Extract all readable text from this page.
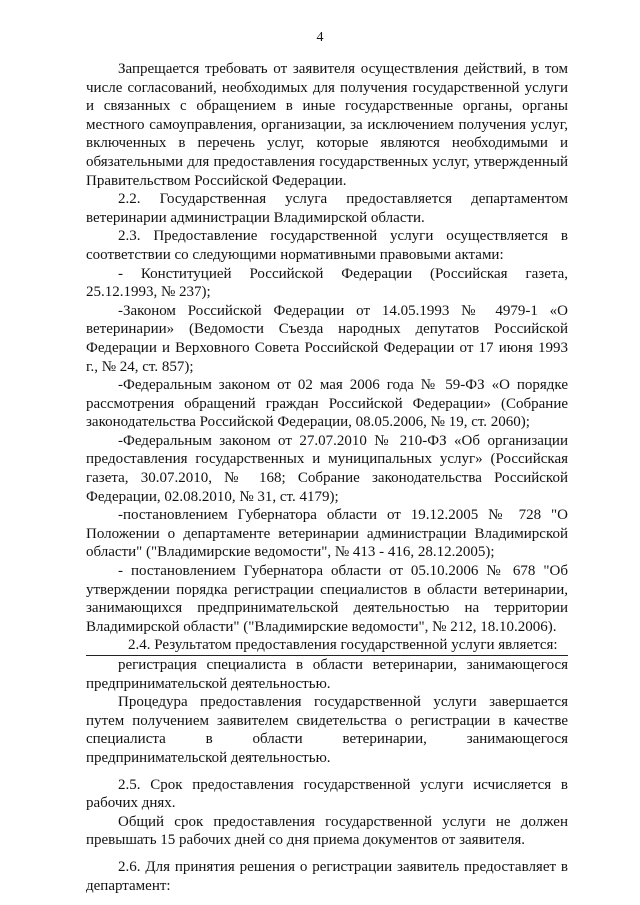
4

Запрещается требовать от заявителя осуществления действий, в том числе согласований, необходимых для получения государственной услуги и связанных с обращением в иные государственные органы, органы местного самоуправления, организации, за исключением получения услуг, включенных в перечень услуг, которые являются необходимыми и обязательными для предоставления государственных услуг, утвержденный Правительством Российской Федерации.

2.2. Государственная услуга предоставляется департаментом ветеринарии администрации Владимирской области.

2.3. Предоставление государственной услуги осуществляется в соответствии со следующими нормативными правовыми актами:

- Конституцией Российской Федерации (Российская газета, 25.12.1993, № 237);

-Законом Российской Федерации от 14.05.1993 № 4979-1 «О ветеринарии» (Ведомости Съезда народных депутатов Российской Федерации и Верховного Совета Российской Федерации от 17 июня 1993 г., № 24, ст. 857);

-Федеральным законом от 02 мая 2006 года № 59-ФЗ «О порядке рассмотрения обращений граждан Российской Федерации» (Собрание законодательства Российской Федерации, 08.05.2006, № 19, ст. 2060);

-Федеральным законом от 27.07.2010 № 210-ФЗ «Об организации предоставления государственных и муниципальных услуг» (Российская газета, 30.07.2010, № 168; Собрание законодательства Российской Федерации, 02.08.2010, № 31, ст. 4179);

-постановлением Губернатора области от 19.12.2005 № 728 "О Положении о департаменте ветеринарии администрации Владимирской области" ("Владимирские ведомости", № 413 - 416, 28.12.2005);

- постановлением Губернатора области от 05.10.2006 № 678 "Об утверждении порядка регистрации специалистов в области ветеринарии, занимающихся предпринимательской деятельностью на территории Владимирской области" ("Владимирские ведомости", № 212, 18.10.2006).

2.4. Результатом предоставления государственной услуги является:

регистрация специалиста в области ветеринарии, занимающегося предпринимательской деятельностью.

Процедура предоставления государственной услуги завершается путем получением заявителем свидетельства о регистрации в качестве специалиста в области ветеринарии, занимающегося предпринимательской деятельностью.

2.5. Срок предоставления государственной услуги исчисляется в рабочих днях.

Общий срок предоставления государственной услуги не должен превышать 15 рабочих дней со дня приема документов от заявителя.

2.6. Для принятия решения о регистрации заявитель предоставляет в департамент:
